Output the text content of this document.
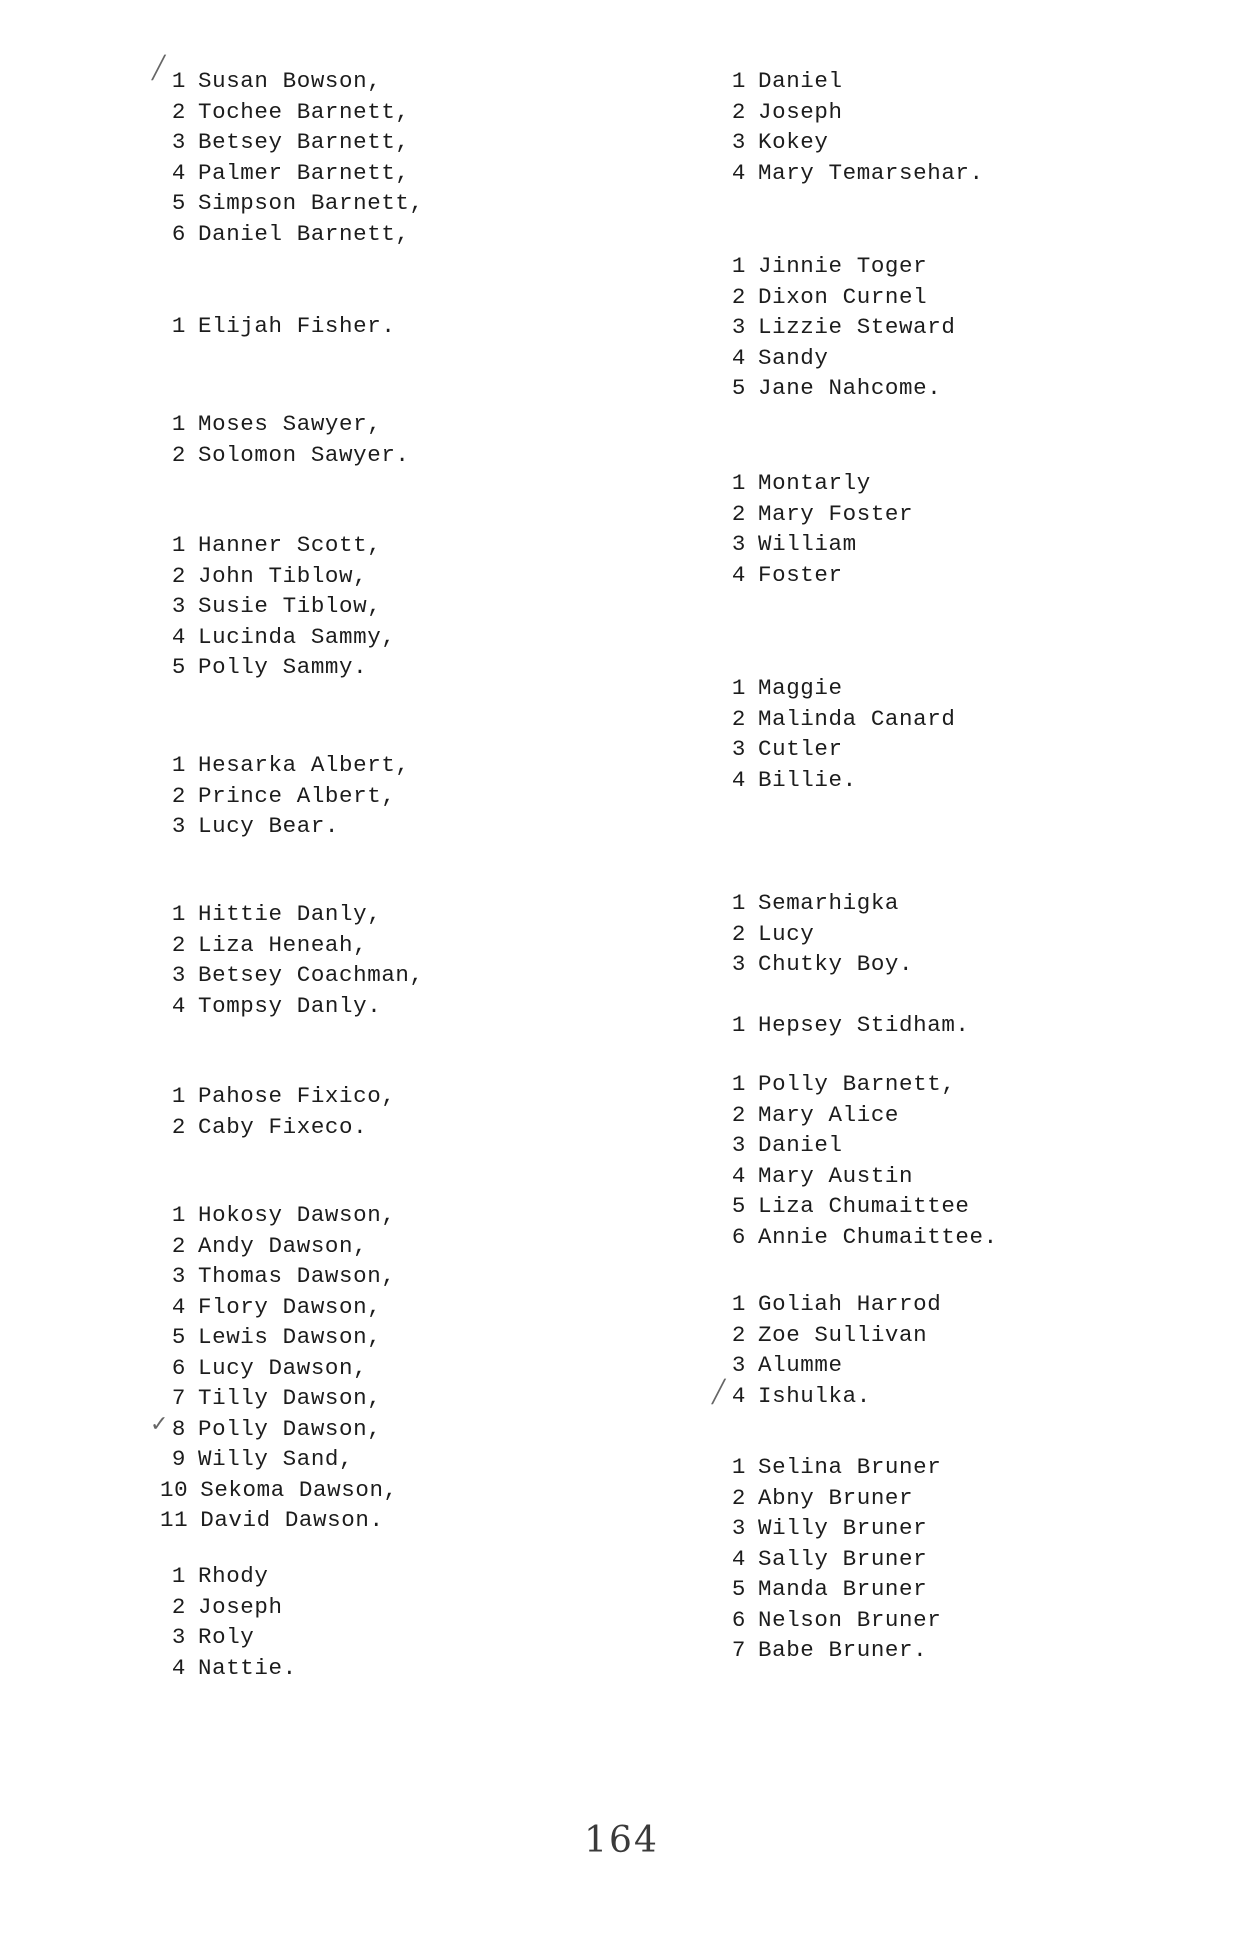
1 Susan Bowson,
2 Tochee Barnett,
3 Betsey Barnett,
4 Palmer Barnett,
5 Simpson Barnett,
6 Daniel Barnett,
1 Elijah Fisher.
1 Moses Sawyer,
2 Solomon Sawyer.
1 Hanner Scott,
2 John Tiblow,
3 Susie Tiblow,
4 Lucinda Sammy,
5 Polly Sammy.
1 Hesarka Albert,
2 Prince Albert,
3 Lucy Bear.
1 Hittie Danly,
2 Liza Heneah,
3 Betsey Coachman,
4 Tompsy Danly.
1 Pahose Fixico,
2 Caby Fixeco.
1 Hokosy Dawson,
2 Andy Dawson,
3 Thomas Dawson,
4 Flory Dawson,
5 Lewis Dawson,
6 Lucy Dawson,
7 Tilly Dawson,
8 Polly Dawson,
9 Willy Sand,
10 Sekoma Dawson,
11 David Dawson.
1 Rhody
2 Joseph
3 Roly
4 Nattie.
1 Daniel
2 Joseph
3 Kokey
4 Mary Temarsehar.
1 Jinnie Toger
2 Dixon Curnel
3 Lizzie Steward
4 Sandy
5 Jane Nahcome.
1 Montarly
2 Mary Foster
3 William
4 Foster
1 Maggie
2 Malinda Canard
3 Cutler
4 Billie.
1 Semarhigka
2 Lucy
3 Chutky Boy.
1 Hepsey Stidham.
1 Polly Barnett,
2 Mary Alice
3 Daniel
4 Mary Austin
5 Liza Chumaittee
6 Annie Chumaittee.
1 Goliah Harrod
2 Zoe Sullivan
3 Alumme
4 Ishulka.
1 Selina Bruner
2 Abny Bruner
3 Willy Bruner
4 Sally Bruner
5 Manda Bruner
6 Nelson Bruner
7 Babe Bruner.
╱
✓
╱
164
